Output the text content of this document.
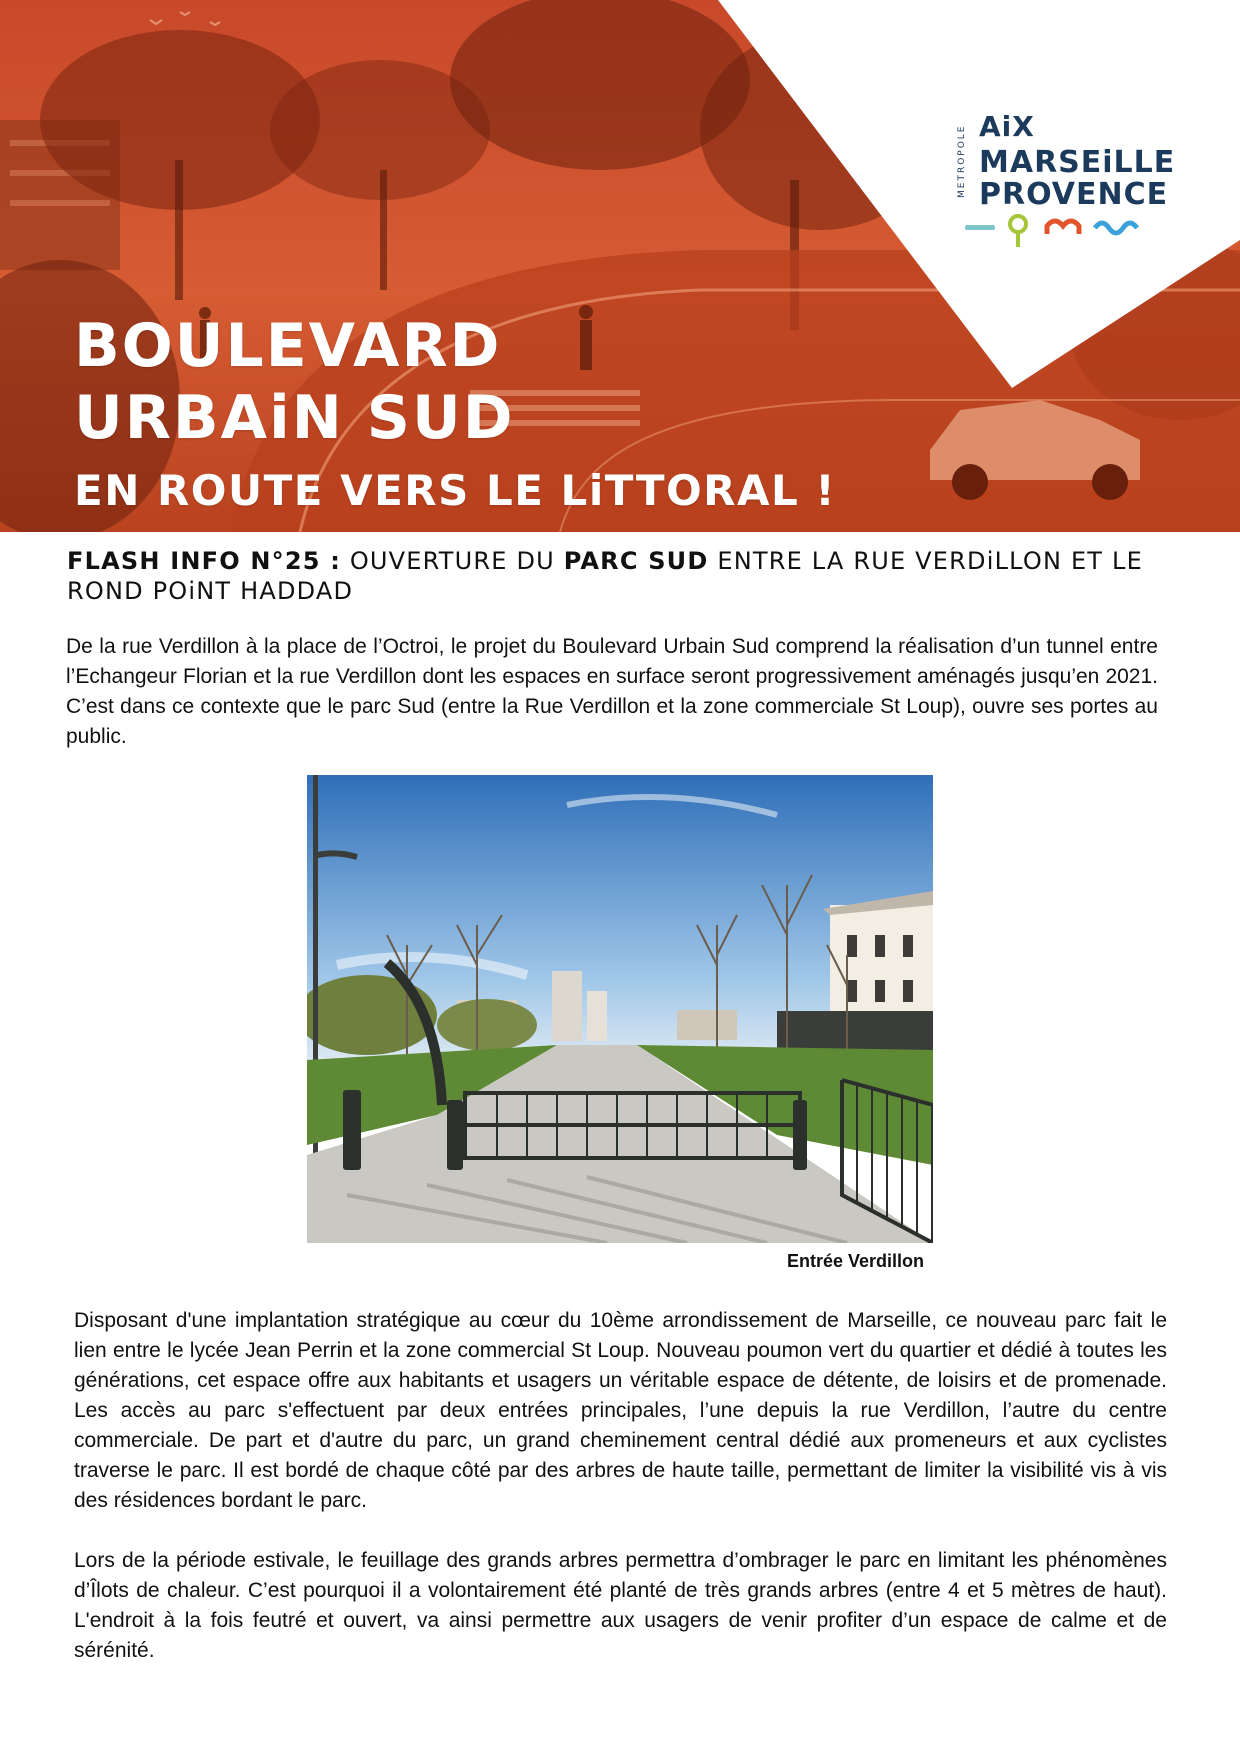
BOULEVARD
URBAiN SUD
EN ROUTE VERS LE LiTTORAL !
METROPOLE AiX
MARSEiLLE
PROVENCE

FLASH INFO N°25 : OUVERTURE DU PARC SUD ENTRE LA RUE VERDiLLON ET LE ROND POiNT HADDAD

De la rue Verdillon à la place de l’Octroi, le projet du Boulevard Urbain Sud comprend la réalisation d’un tunnel entre l’Echangeur Florian et la rue Verdillon dont les espaces en surface seront progressivement aménagés jusqu’en 2021. C’est dans ce contexte que le parc Sud (entre la Rue Verdillon et la zone commerciale St Loup), ouvre ses portes au public.

Entrée Verdillon

Disposant d'une implantation stratégique au cœur du 10ème arrondissement de Marseille, ce nouveau parc fait le lien entre le lycée Jean Perrin et la zone commercial St Loup. Nouveau poumon vert du quartier et dédié à toutes les générations, cet espace offre aux habitants et usagers un véritable espace de détente, de loisirs et de promenade. Les accès au parc s'effectuent par deux entrées principales, l’une depuis la rue Verdillon, l’autre du centre commerciale. De part et d'autre du parc, un grand cheminement central dédié aux promeneurs et aux cyclistes traverse le parc. Il est bordé de chaque côté par des arbres de haute taille, permettant de limiter la visibilité vis à vis des résidences bordant le parc.

Lors de la période estivale, le feuillage des grands arbres permettra d’ombrager le parc en limitant les phénomènes d’Îlots de chaleur. C’est pourquoi il a volontairement été planté de très grands arbres (entre 4 et 5 mètres de haut). L'endroit à la fois feutré et ouvert, va ainsi permettre aux usagers de venir profiter d’un espace de calme et de sérénité.
